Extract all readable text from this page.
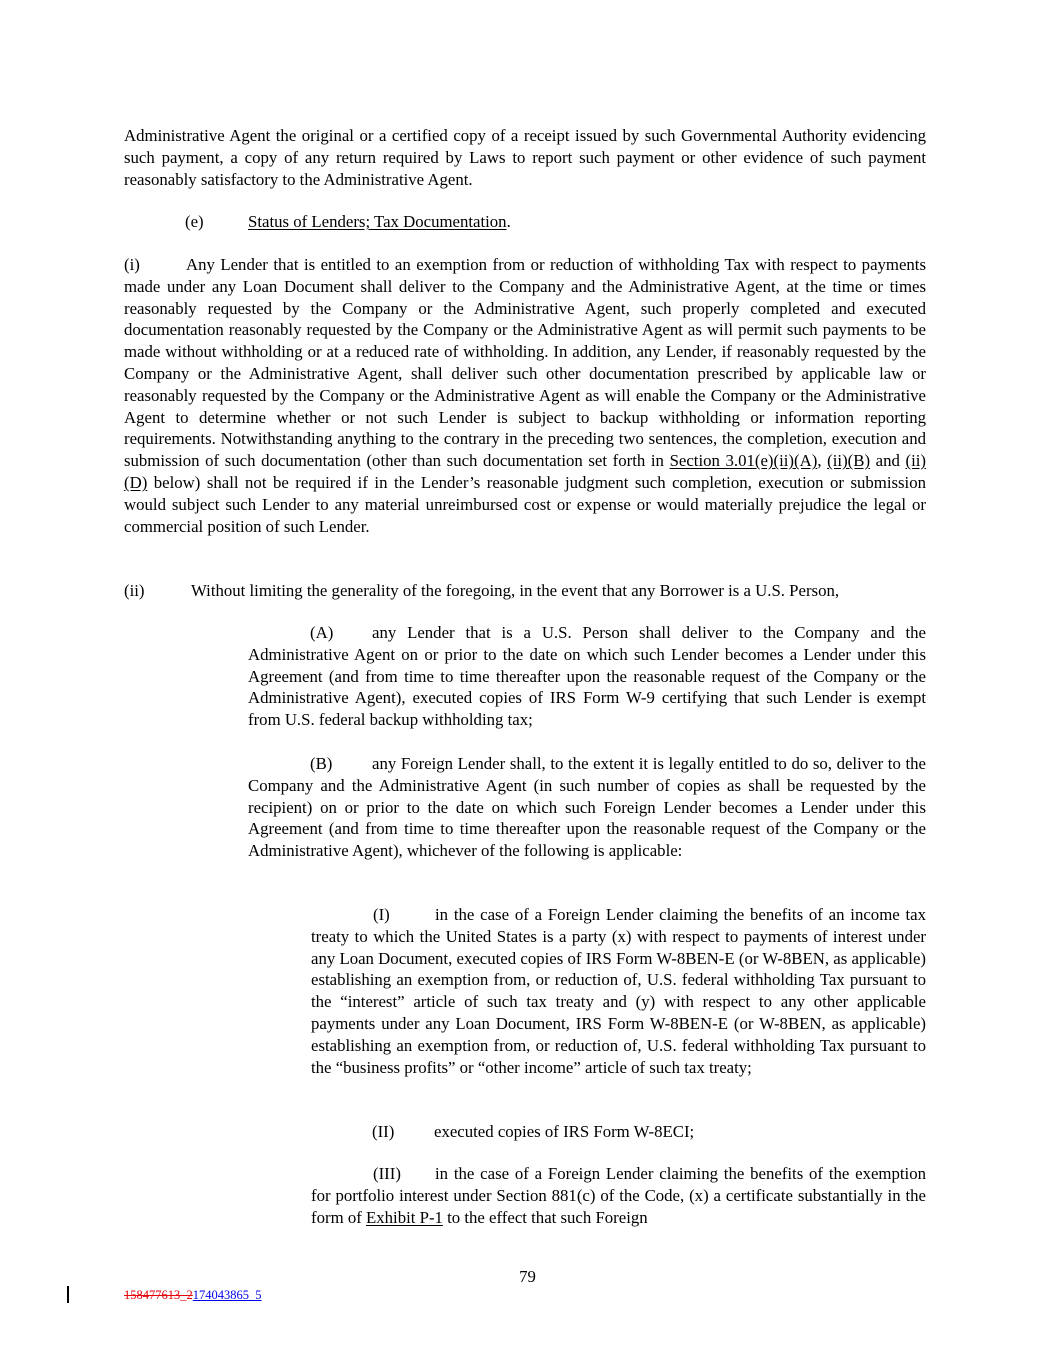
Administrative Agent the original or a certified copy of a receipt issued by such Governmental Authority evidencing such payment, a copy of any return required by Laws to report such payment or other evidence of such payment reasonably satisfactory to the Administrative Agent.

(e)	Status of Lenders; Tax Documentation.

(i)	Any Lender that is entitled to an exemption from or reduction of withholding Tax with respect to payments made under any Loan Document shall deliver to the Company and the Administrative Agent, at the time or times reasonably requested by the Company or the Administrative Agent, such properly completed and executed documentation reasonably requested by the Company or the Administrative Agent as will permit such payments to be made without withholding or at a reduced rate of withholding. In addition, any Lender, if reasonably requested by the Company or the Administrative Agent, shall deliver such other documentation prescribed by applicable law or reasonably requested by the Company or the Administrative Agent as will enable the Company or the Administrative Agent to determine whether or not such Lender is subject to backup withholding or information reporting requirements. Notwithstanding anything to the contrary in the preceding two sentences, the completion, execution and submission of such documentation (other than such documentation set forth in Section 3.01(e)(ii)(A), (ii)(B) and (ii)(D) below) shall not be required if in the Lender’s reasonable judgment such completion, execution or submission would subject such Lender to any material unreimbursed cost or expense or would materially prejudice the legal or commercial position of such Lender.

(ii)	Without limiting the generality of the foregoing, in the event that any Borrower is a U.S. Person,

(A) any Lender that is a U.S. Person shall deliver to the Company and the Administrative Agent on or prior to the date on which such Lender becomes a Lender under this Agreement (and from time to time thereafter upon the reasonable request of the Company or the Administrative Agent), executed copies of IRS Form W-9 certifying that such Lender is exempt from U.S. federal backup withholding tax;

(B) any Foreign Lender shall, to the extent it is legally entitled to do so, deliver to the Company and the Administrative Agent (in such number of copies as shall be requested by the recipient) on or prior to the date on which such Foreign Lender becomes a Lender under this Agreement (and from time to time thereafter upon the reasonable request of the Company or the Administrative Agent), whichever of the following is applicable:

(I)	in the case of a Foreign Lender claiming the benefits of an income tax treaty to which the United States is a party (x) with respect to payments of interest under any Loan Document, executed copies of IRS Form W-8BEN-E (or W-8BEN, as applicable) establishing an exemption from, or reduction of, U.S. federal withholding Tax pursuant to the “interest” article of such tax treaty and (y) with respect to any other applicable payments under any Loan Document, IRS Form W-8BEN-E (or W-8BEN, as applicable) establishing an exemption from, or reduction of, U.S. federal withholding Tax pursuant to the “business profits” or “other income” article of such tax treaty;

(II) executed copies of IRS Form W-8ECI;

(III) in the case of a Foreign Lender claiming the benefits of the exemption for portfolio interest under Section 881(c) of the Code, (x) a certificate substantially in the form of Exhibit P-1 to the effect that such Foreign

79
158477613_2174043865_5
